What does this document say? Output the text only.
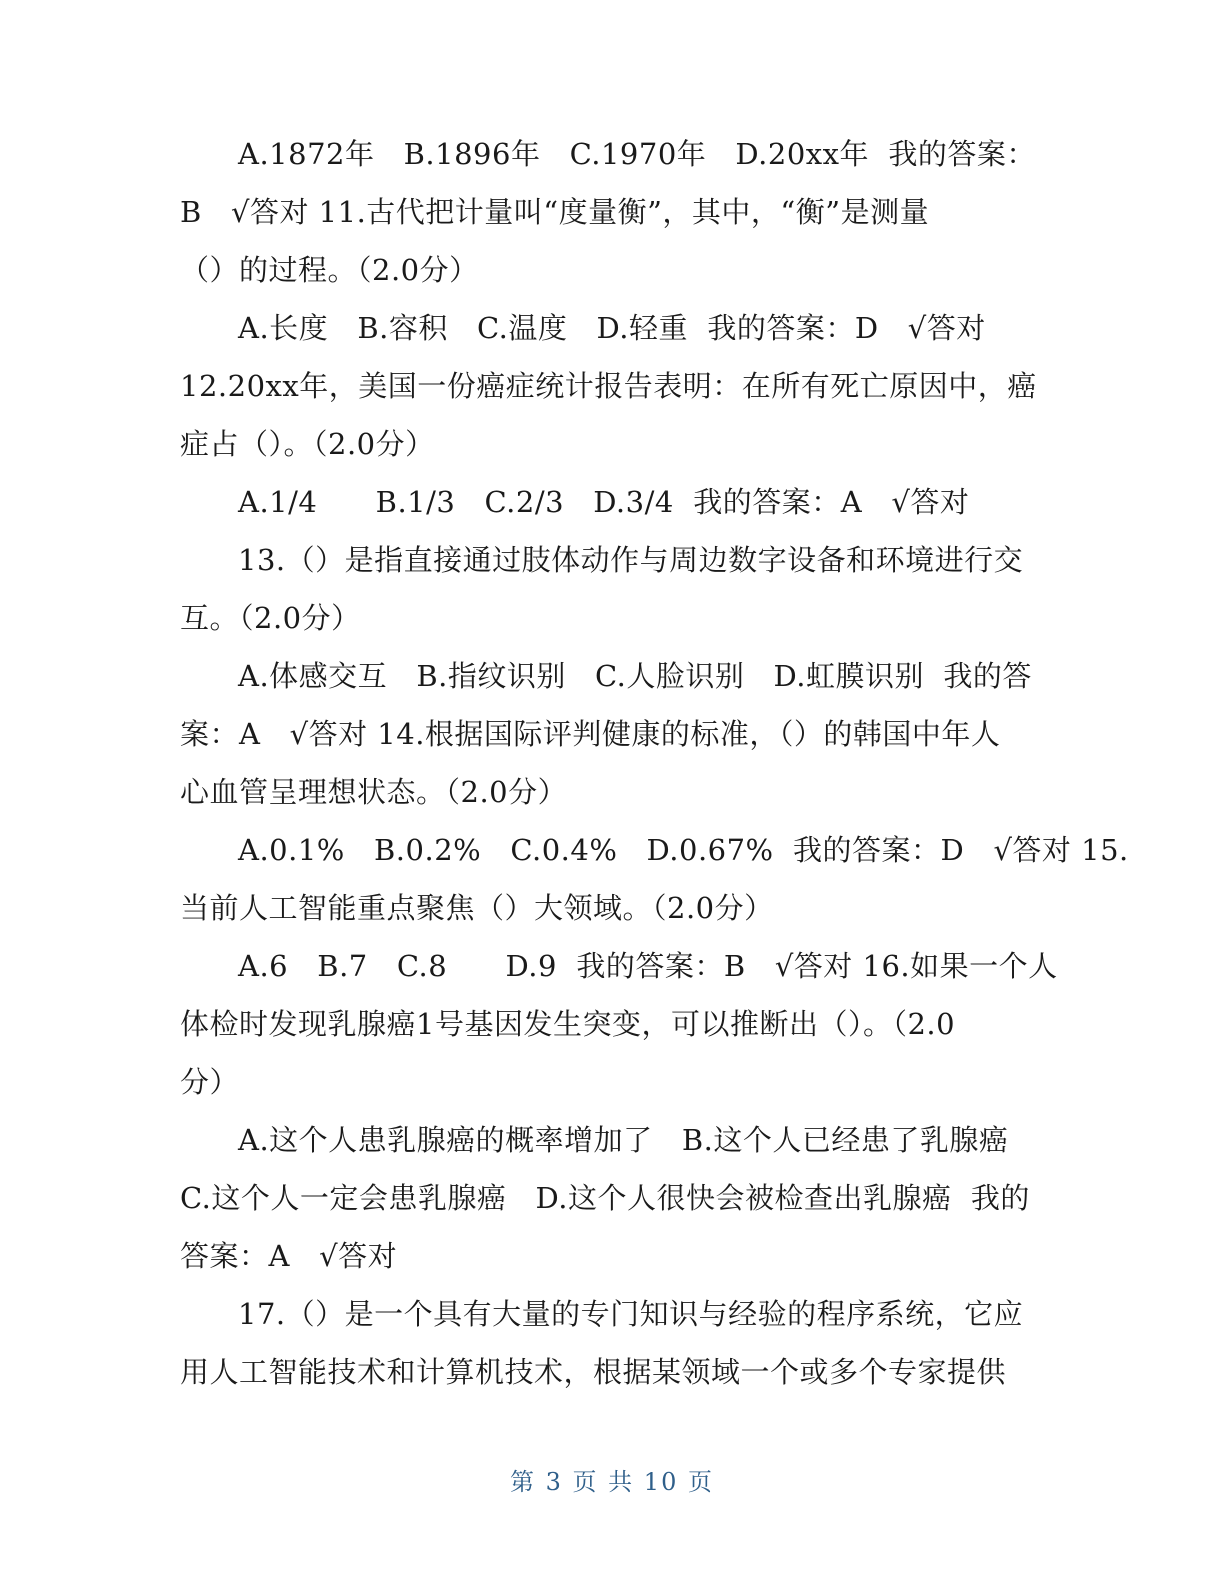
A.1872年   B.1896年   C.1970年   D.20xx年  我的答案：
B   √答对 11.古代把计量叫“度量衡”，其中，“衡”是测量
（）的过程。（2.0分）
A.长度   B.容积   C.温度   D.轻重  我的答案：D   √答对
12.20xx年，美国一份癌症统计报告表明：在所有死亡原因中，癌
症占（）。（2.0分）
A.1/4      B.1/3   C.2/3   D.3/4  我的答案：A   √答对
13.（）是指直接通过肢体动作与周边数字设备和环境进行交
互。（2.0分）
A.体感交互   B.指纹识别   C.人脸识别   D.虹膜识别  我的答
案：A   √答对 14.根据国际评判健康的标准，（）的韩国中年人
心血管呈理想状态。（2.0分）
A.0.1%   B.0.2%   C.0.4%   D.0.67%  我的答案：D   √答对 15.
当前人工智能重点聚焦（）大领域。（2.0分）
A.6   B.7   C.8      D.9  我的答案：B   √答对 16.如果一个人
体检时发现乳腺癌1号基因发生突变，可以推断出（）。（2.0
分）
A.这个人患乳腺癌的概率增加了   B.这个人已经患了乳腺癌
C.这个人一定会患乳腺癌   D.这个人很快会被检查出乳腺癌  我的
答案：A   √答对
17.（）是一个具有大量的专门知识与经验的程序系统，它应
用人工智能技术和计算机技术，根据某领域一个或多个专家提供
第 3 页 共 10 页
